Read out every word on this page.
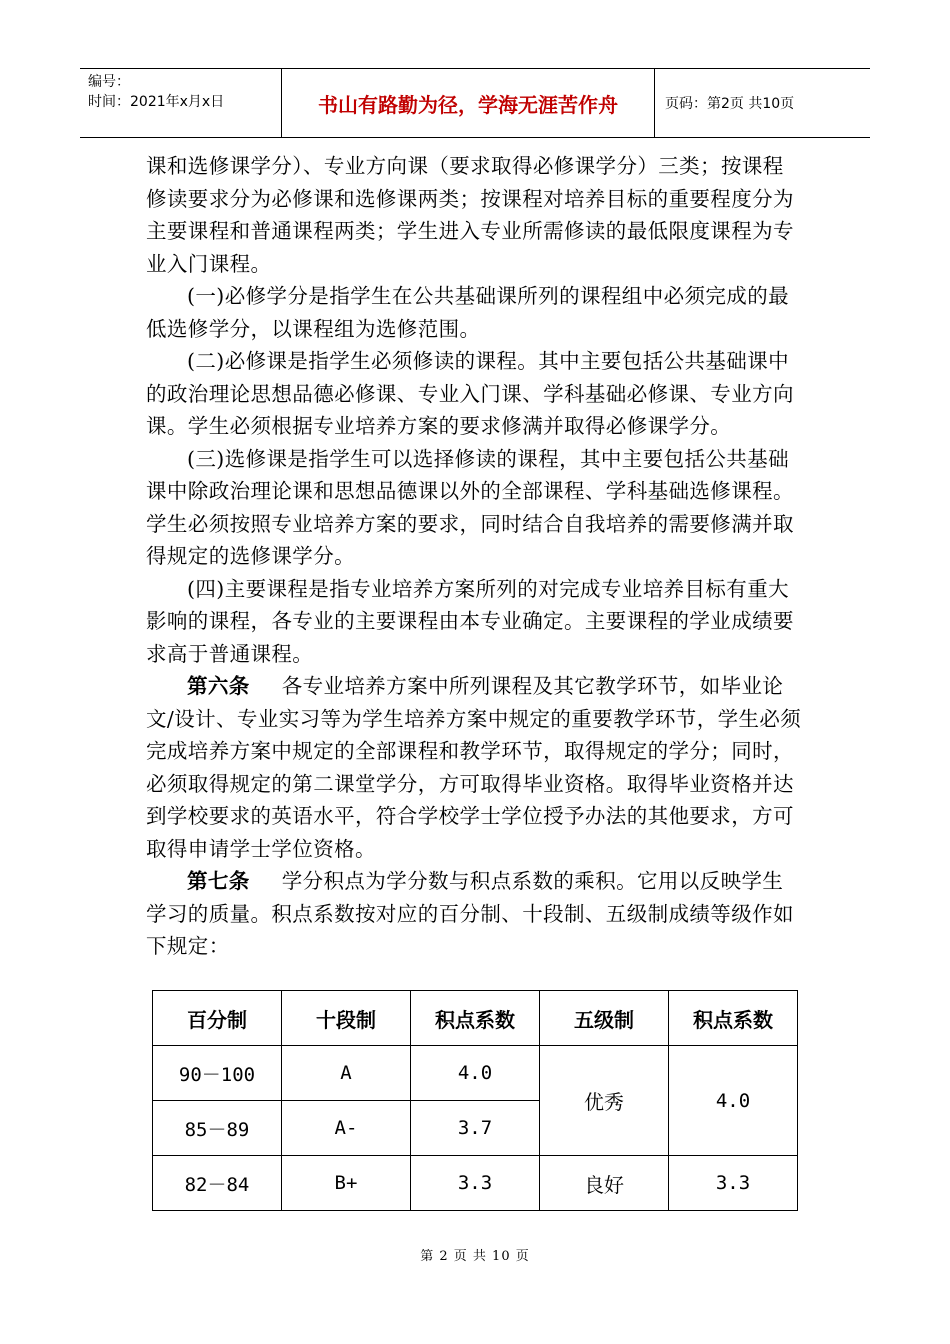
编号：
时间：2021年x月x日	书山有路勤为径，学海无涯苦作舟	页码：第2页 共10页

课和选修课学分）、专业方向课（要求取得必修课学分）三类；按课程修读要求分为必修课和选修课两类；按课程对培养目标的重要程度分为主要课程和普通课程两类；学生进入专业所需修读的最低限度课程为专业入门课程。

(一)必修学分是指学生在公共基础课所列的课程组中必须完成的最低选修学分，以课程组为选修范围。

(二)必修课是指学生必须修读的课程。其中主要包括公共基础课中的政治理论思想品德必修课、专业入门课、学科基础必修课、专业方向课。学生必须根据专业培养方案的要求修满并取得必修课学分。

(三)选修课是指学生可以选择修读的课程，其中主要包括公共基础课中除政治理论课和思想品德课以外的全部课程、学科基础选修课程。学生必须按照专业培养方案的要求，同时结合自我培养的需要修满并取得规定的选修课学分。

(四)主要课程是指专业培养方案所列的对完成专业培养目标有重大影响的课程，各专业的主要课程由本专业确定。主要课程的学业成绩要求高于普通课程。

第六条 各专业培养方案中所列课程及其它教学环节，如毕业论文/设计、专业实习等为学生培养方案中规定的重要教学环节，学生必须完成培养方案中规定的全部课程和教学环节，取得规定的学分；同时，必须取得规定的第二课堂学分，方可取得毕业资格。取得毕业资格并达到学校要求的英语水平，符合学校学士学位授予办法的其他要求，方可取得申请学士学位资格。

第七条 学分积点为学分数与积点系数的乘积。它用以反映学生学习的质量。积点系数按对应的百分制、十段制、五级制成绩等级作如下规定：

百分制	十段制	积点系数	五级制	积点系数
90－100	A	4.0	优秀	4.0
85－89	A-	3.7		
82－84	B+	3.3	良好	3.3
第 2 页 共 10 页
